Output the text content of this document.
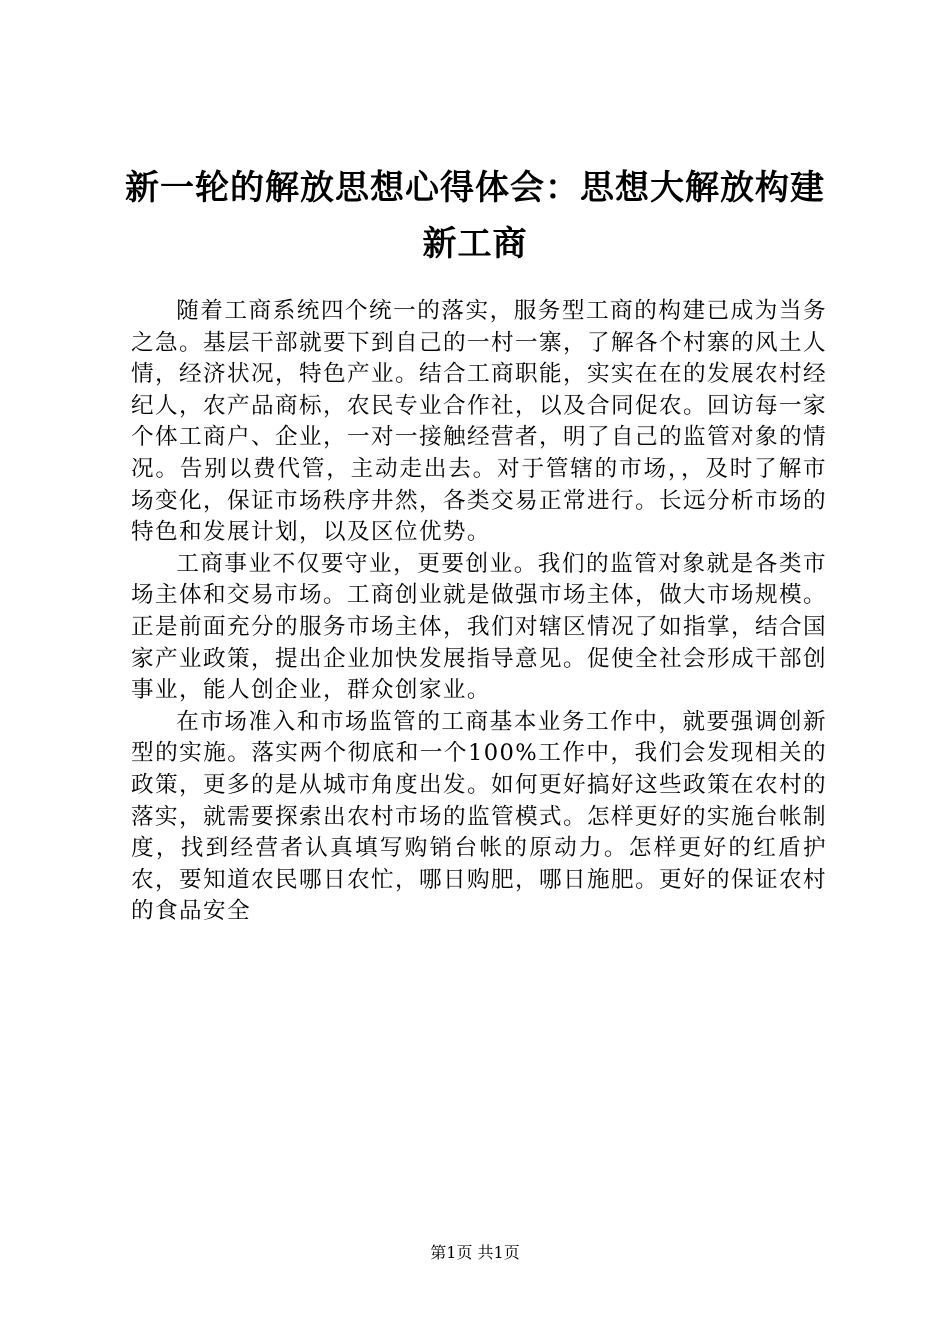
新一轮的解放思想心得体会：思想大解放构建新工商

随着工商系统四个统一的落实，服务型工商的构建已成为当务之急。基层干部就要下到自己的一村一寨，了解各个村寨的风土人情，经济状况，特色产业。结合工商职能，实实在在的发展农村经纪人，农产品商标，农民专业合作社，以及合同促农。回访每一家个体工商户、企业，一对一接触经营者，明了自己的监管对象的情况。告别以费代管，主动走出去。对于管辖的市场，，及时了解市场变化，保证市场秩序井然，各类交易正常进行。长远分析市场的特色和发展计划，以及区位优势。

工商事业不仅要守业，更要创业。我们的监管对象就是各类市场主体和交易市场。工商创业就是做强市场主体，做大市场规模。正是前面充分的服务市场主体，我们对辖区情况了如指掌，结合国家产业政策，提出企业加快发展指导意见。促使全社会形成干部创事业，能人创企业，群众创家业。

在市场准入和市场监管的工商基本业务工作中，就要强调创新型的实施。落实两个彻底和一个100%工作中，我们会发现相关的政策，更多的是从城市角度出发。如何更好搞好这些政策在农村的落实，就需要探索出农村市场的监管模式。怎样更好的实施台帐制度，找到经营者认真填写购销台帐的原动力。怎样更好的红盾护农，要知道农民哪日农忙，哪日购肥，哪日施肥。更好的保证农村的食品安全

第1页 共1页
